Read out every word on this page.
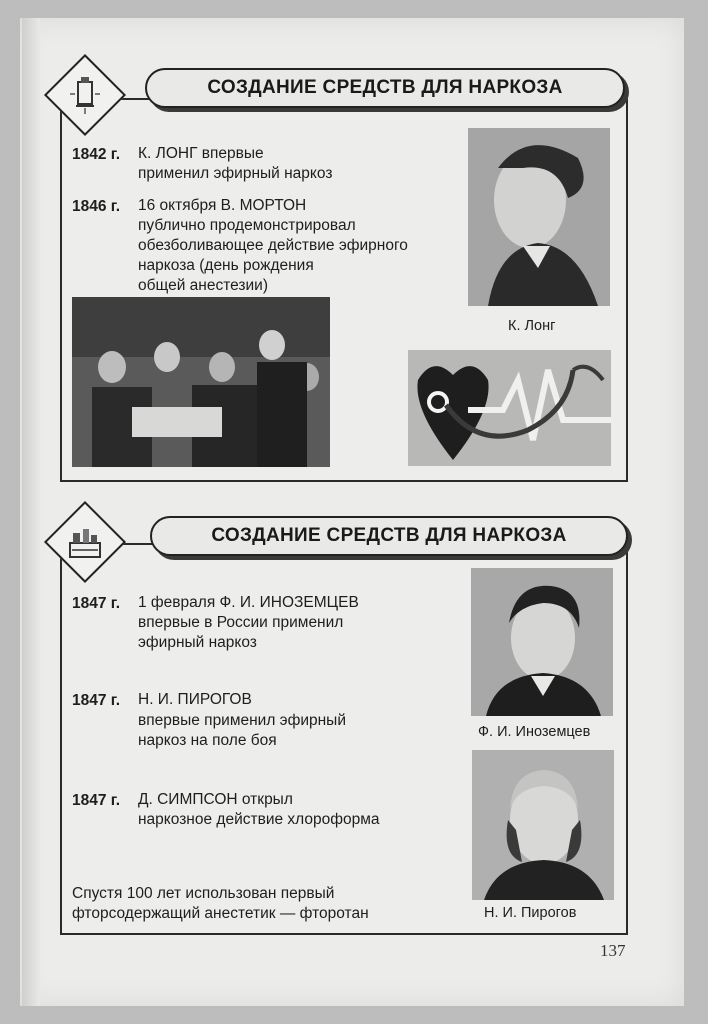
СОЗДАНИЕ СРЕДСТВ ДЛЯ НАРКОЗА
1842 г. К. ЛОНГ впервые
применил эфирный наркоз
1846 г. 16 октября В. МОРТОН
публично продемонстрировал
обезболивающее действие эфирного
наркоза (день рождения
общей анестезии)
К. Лонг
СОЗДАНИЕ СРЕДСТВ ДЛЯ НАРКОЗА
1847 г. 1 февраля Ф. И. ИНОЗЕМЦЕВ
впервые в России применил
эфирный наркоз
1847 г. Н. И. ПИРОГОВ
впервые применил эфирный
наркоз на поле боя
1847 г. Д. СИМПСОН открыл
наркозное действие хлороформа
Спустя 100 лет использован первый
фторсодержащий анестетик — фторотан
Ф. И. Иноземцев
Н. И. Пирогов
137
